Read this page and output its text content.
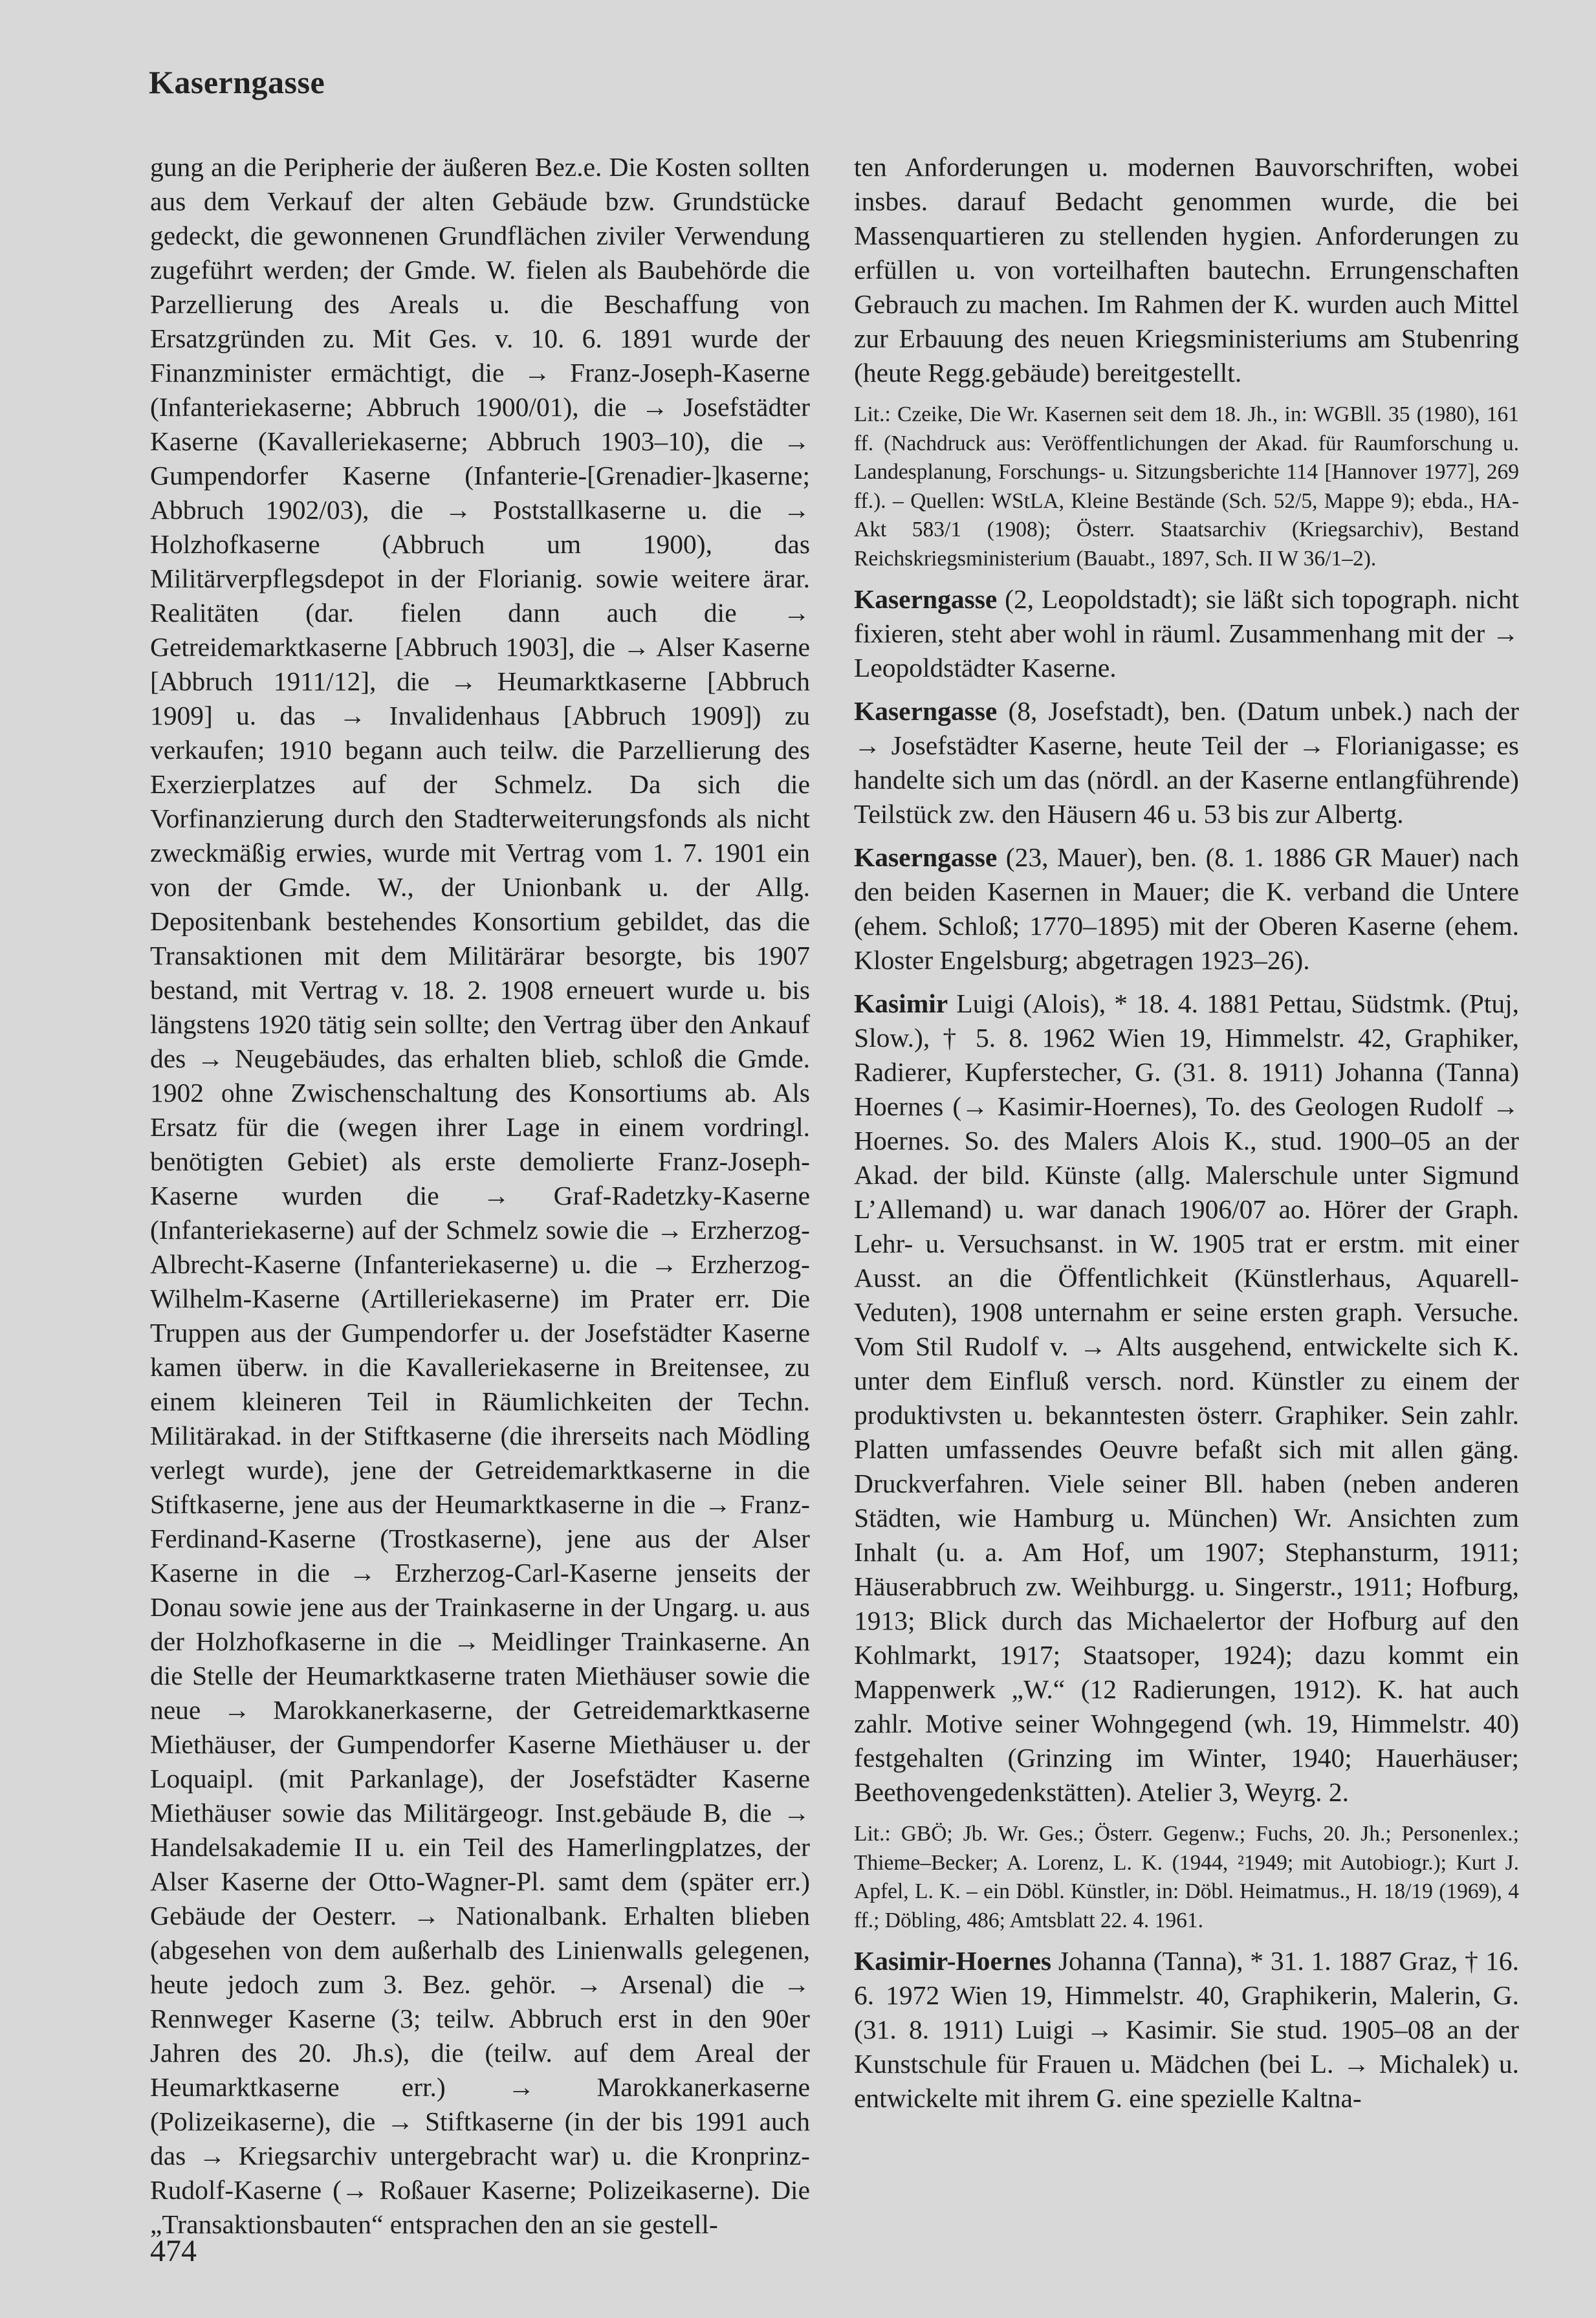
Kaserngasse

gung an die Peripherie der äußeren Bez.e. Die Kosten sollten aus dem Verkauf der alten Gebäude bzw. Grundstücke gedeckt, die gewonnenen Grundflächen ziviler Verwendung zugeführt werden; der Gmde. W. fielen als Baubehörde die Parzellierung des Areals u. die Beschaffung von Ersatzgründen zu. Mit Ges. v. 10. 6. 1891 wurde der Finanzminister ermächtigt, die → Franz-Joseph-Kaserne (Infanteriekaserne; Abbruch 1900/01), die → Josefstädter Kaserne (Kavalleriekaserne; Abbruch 1903–10), die → Gumpendorfer Kaserne (Infanterie-[Grenadier-]kaserne; Abbruch 1902/03), die → Poststallkaserne u. die → Holzhofkaserne (Abbruch um 1900), das Militärverpflegsdepot in der Florianig. sowie weitere ärar. Realitäten (dar. fielen dann auch die → Getreidemarktkaserne [Abbruch 1903], die → Alser Kaserne [Abbruch 1911/12], die → Heumarktkaserne [Abbruch 1909] u. das → Invalidenhaus [Abbruch 1909]) zu verkaufen; 1910 begann auch teilw. die Parzellierung des Exerzierplatzes auf der Schmelz. Da sich die Vorfinanzierung durch den Stadterweiterungsfonds als nicht zweckmäßig erwies, wurde mit Vertrag vom 1. 7. 1901 ein von der Gmde. W., der Unionbank u. der Allg. Depositenbank bestehendes Konsortium gebildet, das die Transaktionen mit dem Militärärar besorgte, bis 1907 bestand, mit Vertrag v. 18. 2. 1908 erneuert wurde u. bis längstens 1920 tätig sein sollte; den Vertrag über den Ankauf des → Neugebäudes, das erhalten blieb, schloß die Gmde. 1902 ohne Zwischenschaltung des Konsortiums ab. Als Ersatz für die (wegen ihrer Lage in einem vordringl. benötigten Gebiet) als erste demolierte Franz-Joseph-Kaserne wurden die → Graf-Radetzky-Kaserne (Infanteriekaserne) auf der Schmelz sowie die → Erzherzog-Albrecht-Kaserne (Infanteriekaserne) u. die → Erzherzog-Wilhelm-Kaserne (Artilleriekaserne) im Prater err. Die Truppen aus der Gumpendorfer u. der Josefstädter Kaserne kamen überw. in die Kavalleriekaserne in Breitensee, zu einem kleineren Teil in Räumlichkeiten der Techn. Militärakad. in der Stiftkaserne (die ihrerseits nach Mödling verlegt wurde), jene der Getreidemarktkaserne in die Stiftkaserne, jene aus der Heumarktkaserne in die → Franz-Ferdinand-Kaserne (Trostkaserne), jene aus der Alser Kaserne in die → Erzherzog-Carl-Kaserne jenseits der Donau sowie jene aus der Trainkaserne in der Ungarg. u. aus der Holzhofkaserne in die → Meidlinger Trainkaserne. An die Stelle der Heumarktkaserne traten Miethäuser sowie die neue → Marokkanerkaserne, der Getreidemarktkaserne Miethäuser, der Gumpendorfer Kaserne Miethäuser u. der Loquaipl. (mit Parkanlage), der Josefstädter Kaserne Miethäuser sowie das Militärgeogr. Inst.gebäude B, die → Handelsakademie II u. ein Teil des Hamerlingplatzes, der Alser Kaserne der Otto-Wagner-Pl. samt dem (später err.) Gebäude der Oesterr. → Nationalbank. Erhalten blieben (abgesehen von dem außerhalb des Linienwalls gelegenen, heute jedoch zum 3. Bez. gehör. → Arsenal) die → Rennweger Kaserne (3; teilw. Abbruch erst in den 90er Jahren des 20. Jh.s), die (teilw. auf dem Areal der Heumarktkaserne err.) → Marokkanerkaserne (Polizeikaserne), die → Stiftkaserne (in der bis 1991 auch das → Kriegsarchiv untergebracht war) u. die Kronprinz-Rudolf-Kaserne (→ Roßauer Kaserne; Polizeikaserne). Die „Transaktionsbauten“ entsprachen den an sie gestell-

ten Anforderungen u. modernen Bauvorschriften, wobei insbes. darauf Bedacht genommen wurde, die bei Massenquartieren zu stellenden hygien. Anforderungen zu erfüllen u. von vorteilhaften bautechn. Errungenschaften Gebrauch zu machen. Im Rahmen der K. wurden auch Mittel zur Erbauung des neuen Kriegsministeriums am Stubenring (heute Regg.gebäude) bereitgestellt.

Lit.: Czeike, Die Wr. Kasernen seit dem 18. Jh., in: WGBll. 35 (1980), 161 ff. (Nachdruck aus: Veröffentlichungen der Akad. für Raumforschung u. Landesplanung, Forschungs- u. Sitzungsberichte 114 [Hannover 1977], 269 ff.). – Quellen: WStLA, Kleine Bestände (Sch. 52/5, Mappe 9); ebda., HA-Akt 583/1 (1908); Österr. Staatsarchiv (Kriegsarchiv), Bestand Reichskriegsministerium (Bauabt., 1897, Sch. II W 36/1–2).

Kaserngasse (2, Leopoldstadt); sie läßt sich topograph. nicht fixieren, steht aber wohl in räuml. Zusammenhang mit der → Leopoldstädter Kaserne.

Kaserngasse (8, Josefstadt), ben. (Datum unbek.) nach der → Josefstädter Kaserne, heute Teil der → Florianigasse; es handelte sich um das (nördl. an der Kaserne entlangführende) Teilstück zw. den Häusern 46 u. 53 bis zur Albertg.

Kaserngasse (23, Mauer), ben. (8. 1. 1886 GR Mauer) nach den beiden Kasernen in Mauer; die K. verband die Untere (ehem. Schloß; 1770–1895) mit der Oberen Kaserne (ehem. Kloster Engelsburg; abgetragen 1923–26).

Kasimir Luigi (Alois), * 18. 4. 1881 Pettau, Südstmk. (Ptuj, Slow.), † 5. 8. 1962 Wien 19, Himmelstr. 42, Graphiker, Radierer, Kupferstecher, G. (31. 8. 1911) Johanna (Tanna) Hoernes (→ Kasimir-Hoernes), To. des Geologen Rudolf → Hoernes. So. des Malers Alois K., stud. 1900–05 an der Akad. der bild. Künste (allg. Malerschule unter Sigmund L’Allemand) u. war danach 1906/07 ao. Hörer der Graph. Lehr- u. Versuchsanst. in W. 1905 trat er erstm. mit einer Ausst. an die Öffentlichkeit (Künstlerhaus, Aquarell-Veduten), 1908 unternahm er seine ersten graph. Versuche. Vom Stil Rudolf v. → Alts ausgehend, entwickelte sich K. unter dem Einfluß versch. nord. Künstler zu einem der produktivsten u. bekanntesten österr. Graphiker. Sein zahlr. Platten umfassendes Oeuvre befaßt sich mit allen gäng. Druckverfahren. Viele seiner Bll. haben (neben anderen Städten, wie Hamburg u. München) Wr. Ansichten zum Inhalt (u. a. Am Hof, um 1907; Stephansturm, 1911; Häuserabbruch zw. Weihburgg. u. Singerstr., 1911; Hofburg, 1913; Blick durch das Michaelertor der Hofburg auf den Kohlmarkt, 1917; Staatsoper, 1924); dazu kommt ein Mappenwerk „W.“ (12 Radierungen, 1912). K. hat auch zahlr. Motive seiner Wohngegend (wh. 19, Himmelstr. 40) festgehalten (Grinzing im Winter, 1940; Hauerhäuser; Beethovengedenkstätten). Atelier 3, Weyrg. 2.

Lit.: GBÖ; Jb. Wr. Ges.; Österr. Gegenw.; Fuchs, 20. Jh.; Personenlex.; Thieme–Becker; A. Lorenz, L. K. (1944, ²1949; mit Autobiogr.); Kurt J. Apfel, L. K. – ein Döbl. Künstler, in: Döbl. Heimatmus., H. 18/19 (1969), 4 ff.; Döbling, 486; Amtsblatt 22. 4. 1961.

Kasimir-Hoernes Johanna (Tanna), * 31. 1. 1887 Graz, † 16. 6. 1972 Wien 19, Himmelstr. 40, Graphikerin, Malerin, G. (31. 8. 1911) Luigi → Kasimir. Sie stud. 1905–08 an der Kunstschule für Frauen u. Mädchen (bei L. → Michalek) u. entwickelte mit ihrem G. eine spezielle Kaltna-

474
